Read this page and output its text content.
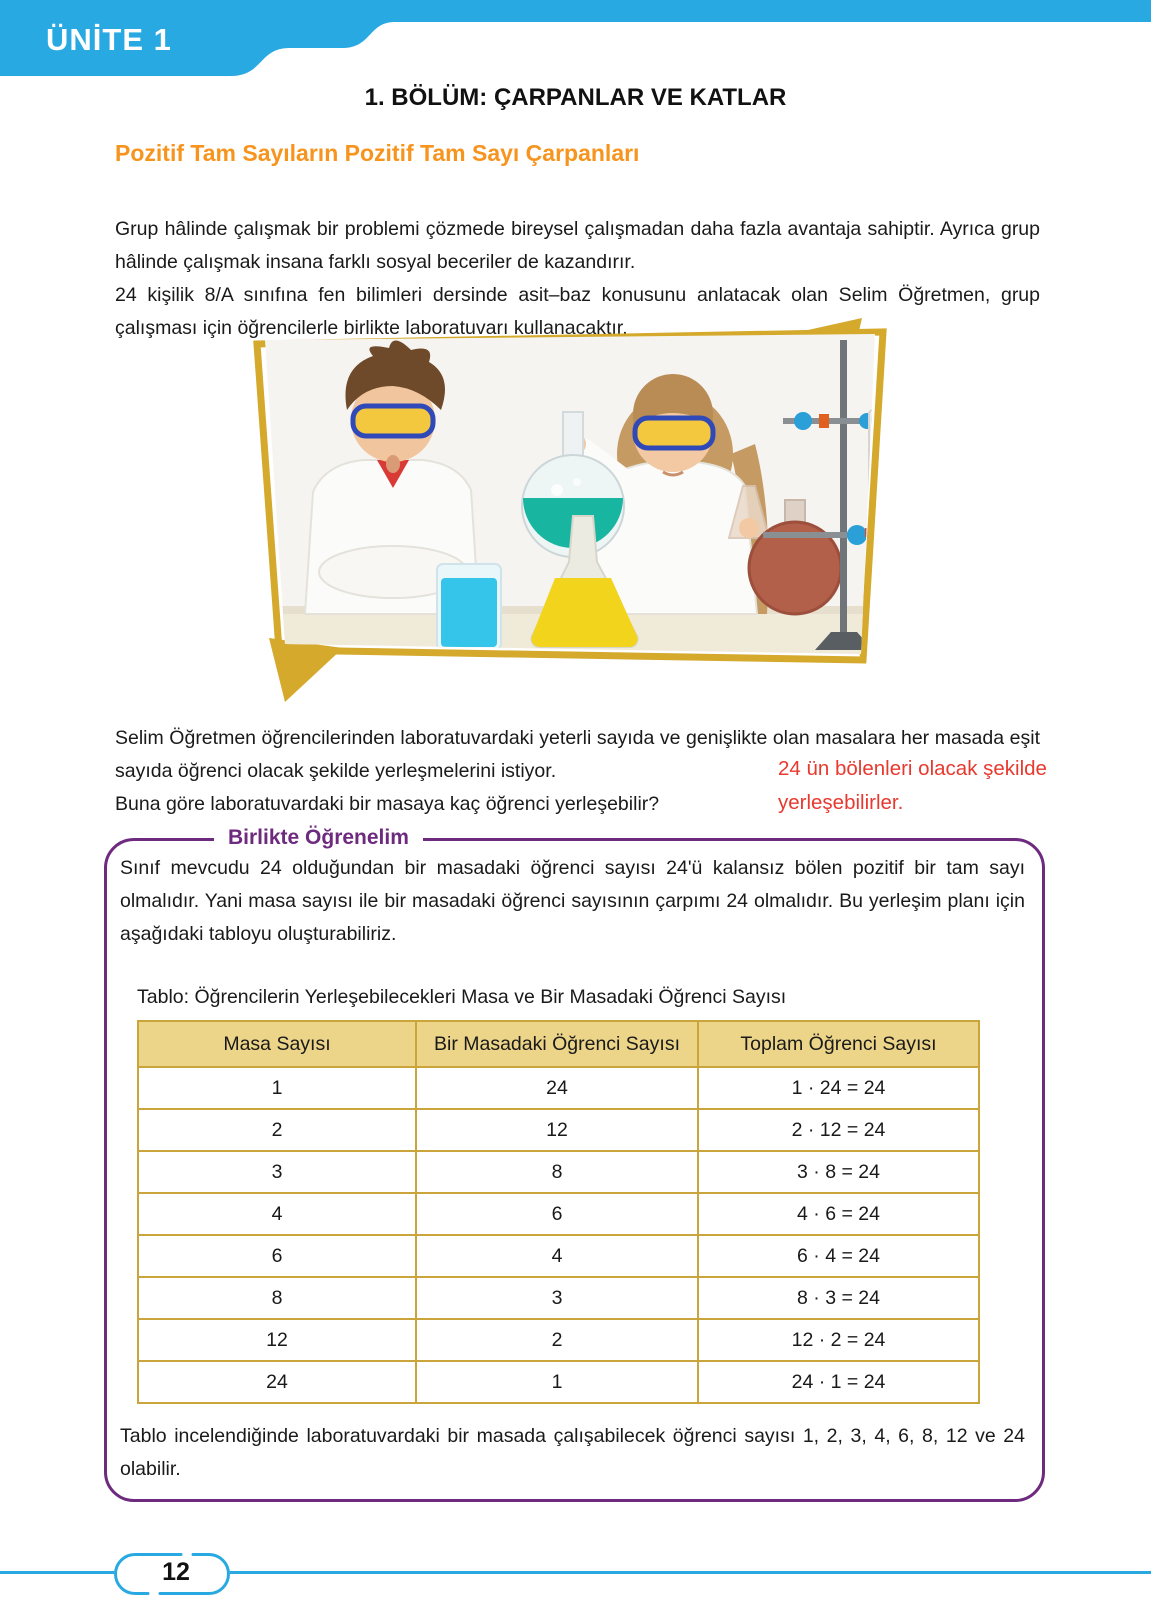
ÜNİTE 1
1. BÖLÜM: ÇARPANLAR VE KATLAR
Pozitif Tam Sayıların Pozitif Tam Sayı Çarpanları

Grup hâlinde çalışmak bir problemi çözmede bireysel çalışmadan daha fazla avantaja sahiptir. Ayrıca grup hâlinde çalışmak insana farklı sosyal beceriler de kazandırır.

24 kişilik 8/A sınıfına fen bilimleri dersinde asit–baz konusunu anlatacak olan Selim Öğretmen, grup çalışması için öğrencilerle birlikte laboratuvarı kullanacaktır.

Selim Öğretmen öğrencilerinden laboratuvardaki yeterli sayıda ve genişlikte olan masalara her masada eşit sayıda öğrenci olacak şekilde yerleşmelerini istiyor.

Buna göre laboratuvardaki bir masaya kaç öğrenci yerleşebilir?

24 ün bölenleri olacak şekilde yerleşebilirler.
Birlikte Öğrenelim
Sınıf mevcudu 24 olduğundan bir masadaki öğrenci sayısı 24'ü kalansız bölen pozitif bir tam sayı olmalıdır. Yani masa sayısı ile bir masadaki öğrenci sayısının çarpımı 24 olmalıdır. Bu yerleşim planı için aşağıdaki tabloyu oluşturabiliriz.
Tablo: Öğrencilerin Yerleşebilecekleri Masa ve Bir Masadaki Öğrenci Sayısı
Masa Sayısı	Bir Masadaki Öğrenci Sayısı	Toplam Öğrenci Sayısı
1	24	1 · 24 = 24
2	12	2 · 12 = 24
3	8	3 · 8 = 24
4	6	4 · 6 = 24
6	4	6 · 4 = 24
8	3	8 · 3 = 24
12	2	12 · 2 = 24
24	1	24 · 1 = 24
Tablo incelendiğinde laboratuvardaki bir masada çalışabilecek öğrenci sayısı 1, 2, 3, 4, 6, 8, 12 ve 24 olabilir.
12
